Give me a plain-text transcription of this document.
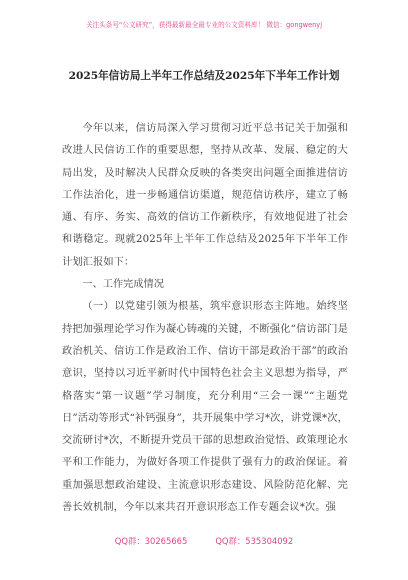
关注头条号“公文研究”，获得最新最全最专业的公文资料库！ 微信：gongwenyj
2025年信访局上半年工作总结及2025年下半年工作计划

今年以来，信访局深入学习贯彻习近平总书记关于加强和改进人民信访工作的重要思想，坚持从改革、发展、稳定的大局出发，及时解决人民群众反映的各类突出问题全面推进信访工作法治化，进一步畅通信访渠道，规范信访秩序，建立了畅通、有序、务实、高效的信访工作新秩序，有效地促进了社会和谐稳定。现就2025年上半年工作总结及2025年下半年工作计划汇报如下：

一、工作完成情况

（一）以党建引领为根基，筑牢意识形态主阵地。始终坚持把加强理论学习作为凝心铸魂的关键，不断强化“信访部门是政治机关、信访工作是政治工作、信访干部是政治干部”的政治意识，坚持以习近平新时代中国特色社会主义思想为指导，严格落实“第一议题”学习制度，充分利用“三会一课”“主题党日”活动等形式“补钙强身”，共开展集中学习*次，讲党课*次，交流研讨*次，不断提升党员干部的思想政治觉悟、政策理论水平和工作能力，为做好各项工作提供了强有力的政治保证。着重加强思想政治建设、主流意识形态建设、风险防范化解、完善长效机制，今年以来共召开意识形态工作专题会议*次。强

QQ群：30265665	QQ群：535304092
